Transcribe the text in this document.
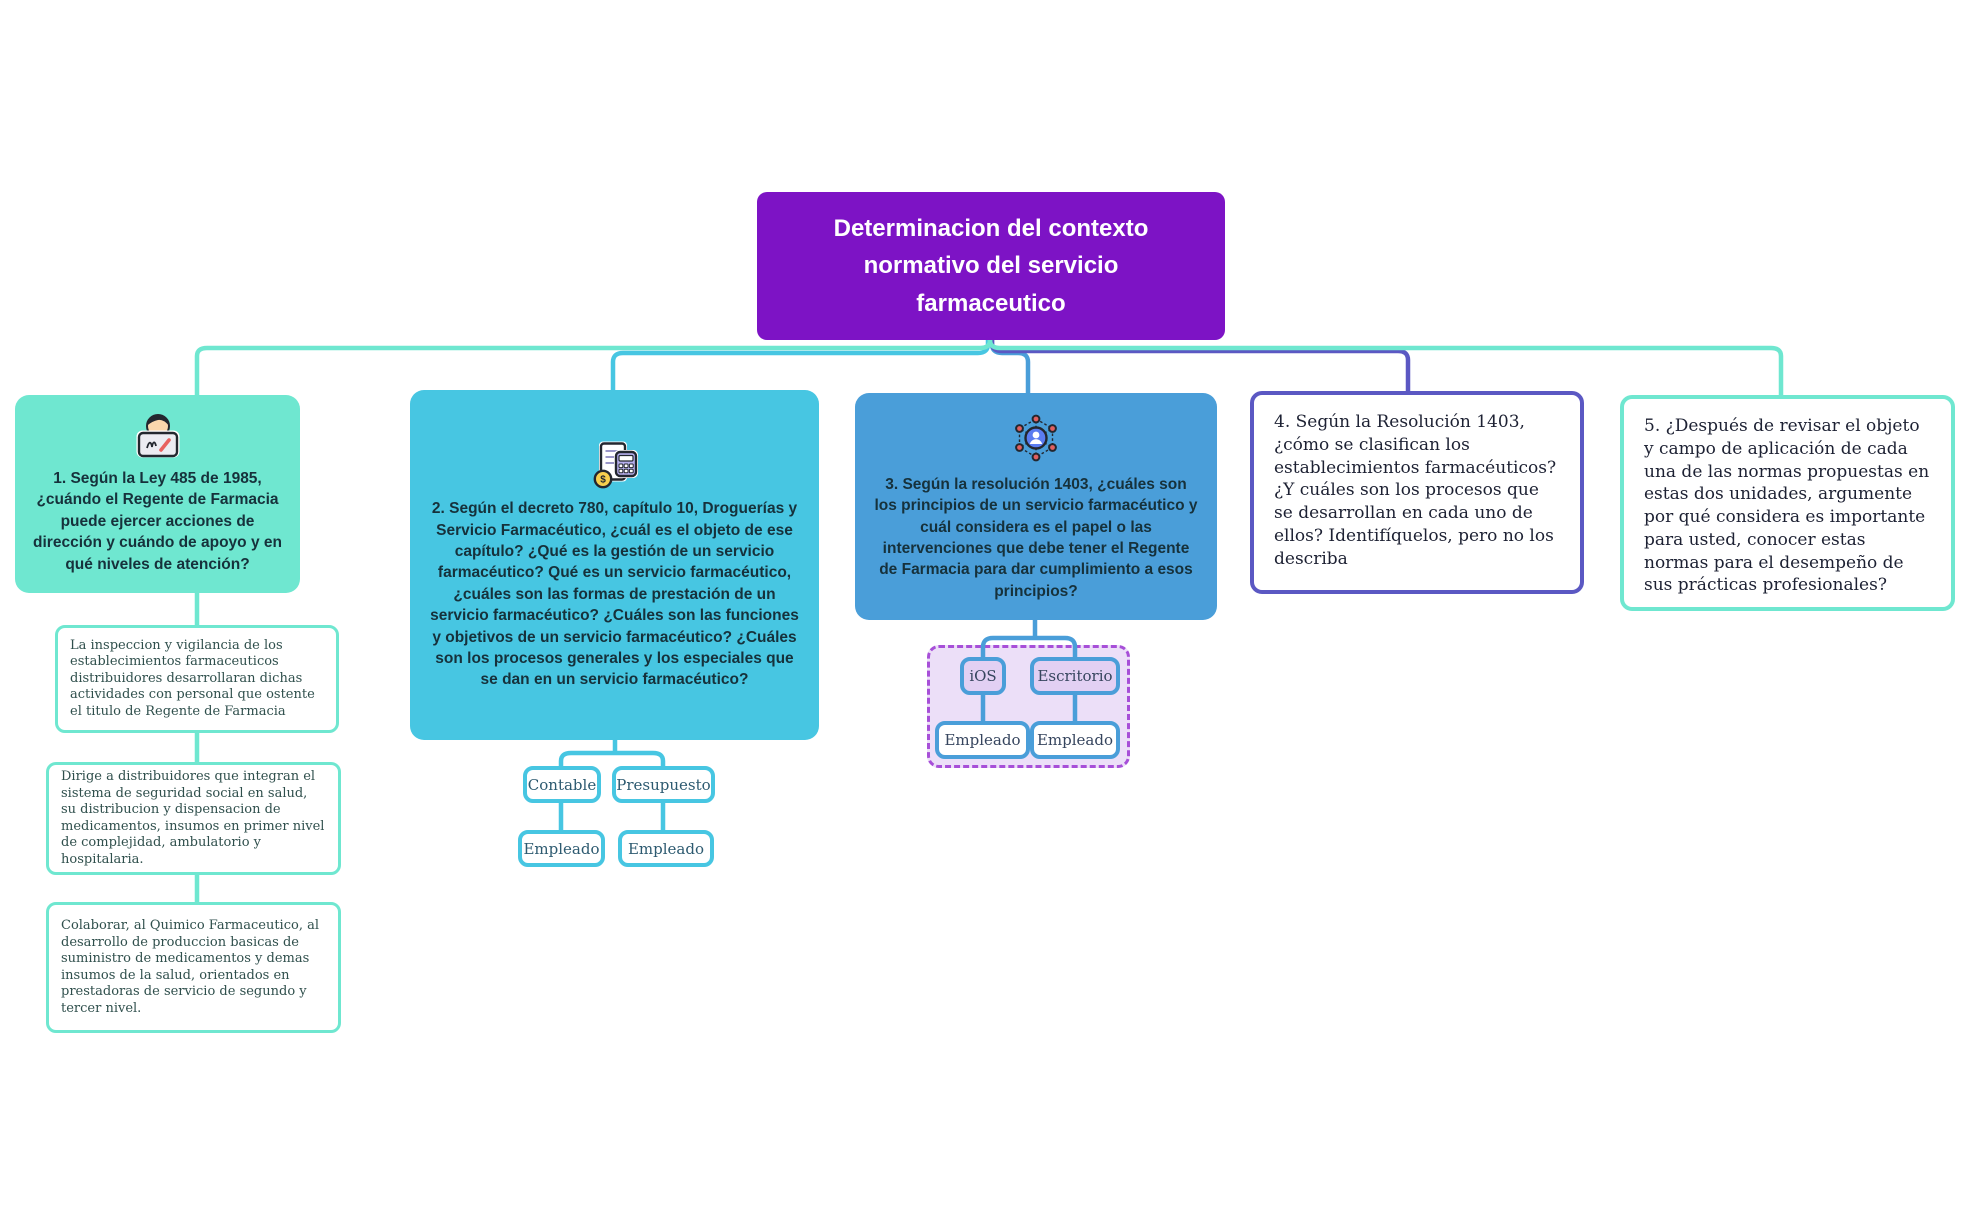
Determinacion del contexto normativo del servicio farmaceutico
1. Según la Ley 485 de 1985, ¿cuándo el Regente de Farmacia puede ejercer acciones de dirección y cuándo de apoyo y en qué niveles de atención?
La inspeccion y vigilancia de los establecimientos farmaceuticos distribuidores desarrollaran dichas actividades con personal que ostente el titulo de Regente de Farmacia
Dirige a distribuidores que integran el sistema de seguridad social en salud, su distribucion y dispensacion de medicamentos, insumos en primer nivel de complejidad, ambulatorio y hospitalaria.
Colaborar, al Quimico Farmaceutico, al desarrollo de produccion basicas de suministro de medicamentos y demas insumos de la salud, orientados en prestadoras de servicio de segundo y tercer nivel.
$
2. Según el decreto 780, capítulo 10, Droguerías y Servicio Farmacéutico, ¿cuál es el objeto de ese capítulo? ¿Qué es la gestión de un servicio farmacéutico? Qué es un servicio farmacéutico, ¿cuáles son las formas de prestación de un servicio farmacéutico? ¿Cuáles son las funciones y objetivos de un servicio farmacéutico? ¿Cuáles son los procesos generales y los especiales que se dan en un servicio farmacéutico?
Contable Presupuesto
Empleado Empleado
3. Según la resolución 1403, ¿cuáles son los principios de un servicio farmacéutico y cuál considera es el papel o las intervenciones que debe tener el Regente de Farmacia para dar cumplimiento a esos principios?
iOS	Escritorio
Empleado Empleado
4. Según la Resolución 1403, ¿cómo se clasifican los establecimientos farmacéuticos? ¿Y cuáles son los procesos que se desarrollan en cada uno de ellos? Identifíquelos, pero no los describa
5. ¿Después de revisar el objeto y campo de aplicación de cada una de las normas propuestas en estas dos unidades, argumente por qué considera es importante para usted, conocer estas normas para el desempeño de sus prácticas profesionales?
